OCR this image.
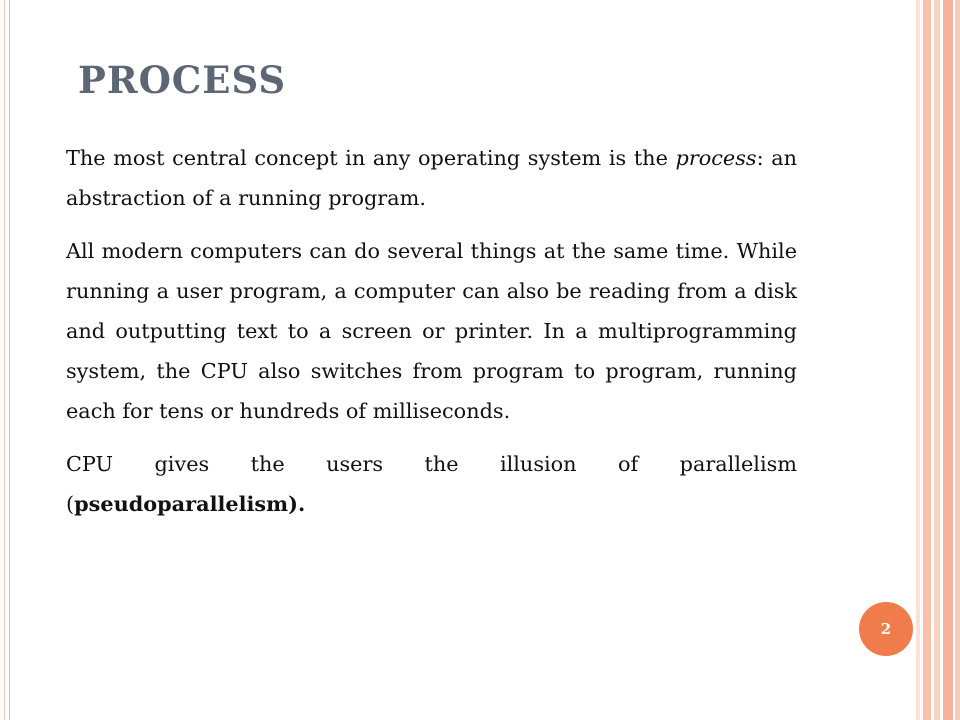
PROCESS

The most central concept in any operating system is the process: an abstraction of a running program.

All modern computers can do several things at the same time. While running a user program, a computer can also be reading from a disk and outputting text to a screen or printer. In a multiprogramming system, the CPU also switches from program to program, running each for tens or hundreds of milliseconds.

CPU gives the users the illusion of parallelism (pseudoparallelism).

2
